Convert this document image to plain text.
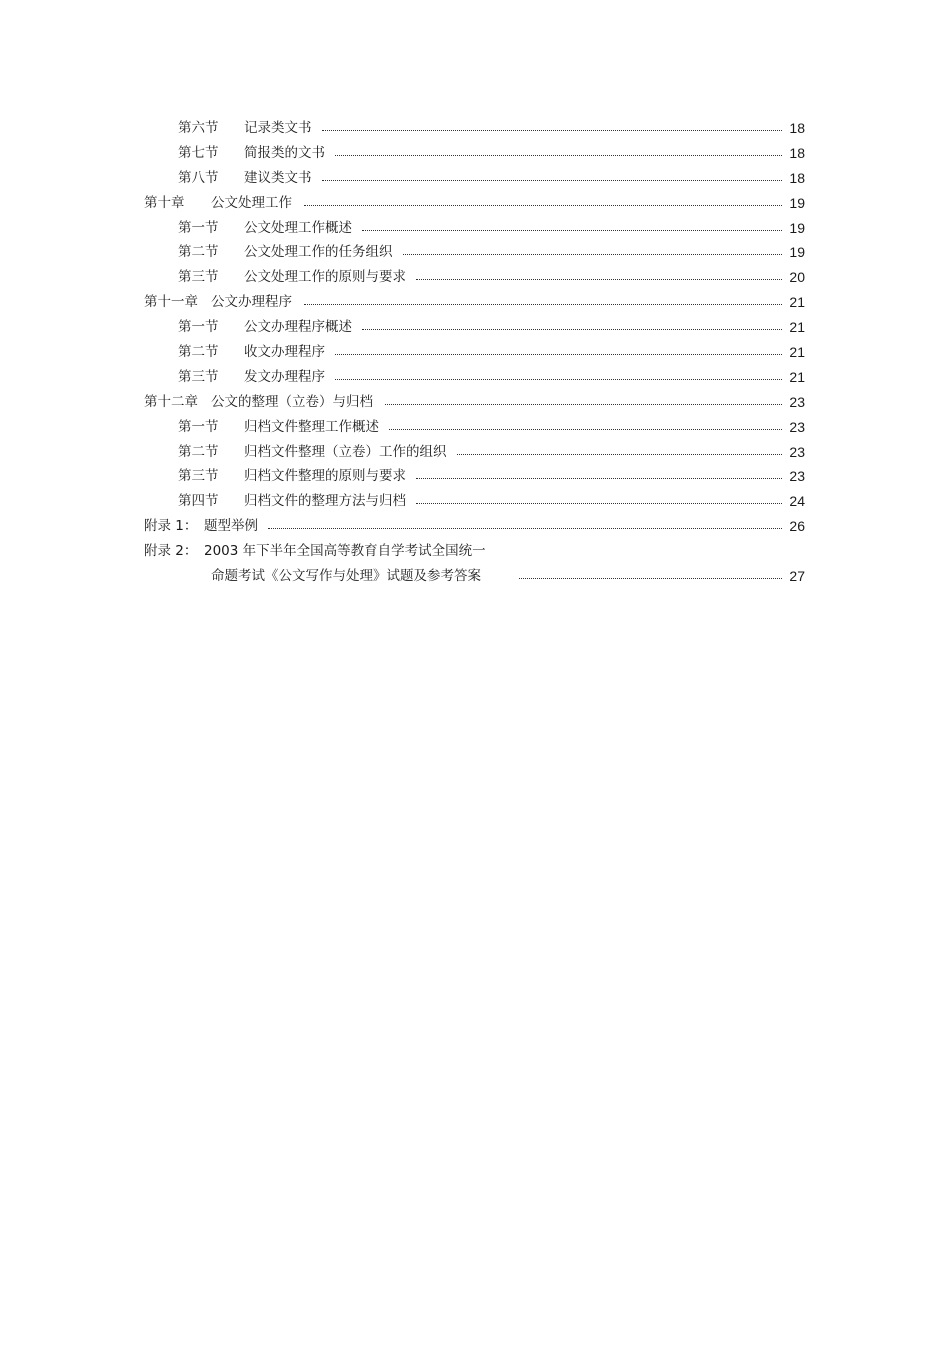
第六节 记录类文书	18
第七节 简报类的文书	18
第八节 建议类文书	18
第十章 公文处理工作	19
第一节 公文处理工作概述	19
第二节 公文处理工作的任务组织	19
第三节 公文处理工作的原则与要求	20
第十一章 公文办理程序	21
第一节 公文办理程序概述	21
第二节 收文办理程序	21
第三节 发文办理程序	21
第十二章 公文的整理（立卷）与归档	23
第一节 归档文件整理工作概述	23
第二节 归档文件整理（立卷）工作的组织	23
第三节 归档文件整理的原则与要求	23
第四节 归档文件的整理方法与归档	24
附录 1： 题型举例	26
附录 2： 2003 年下半年全国高等教育自学考试全国统一
命题考试《公文写作与处理》试题及参考答案	27
